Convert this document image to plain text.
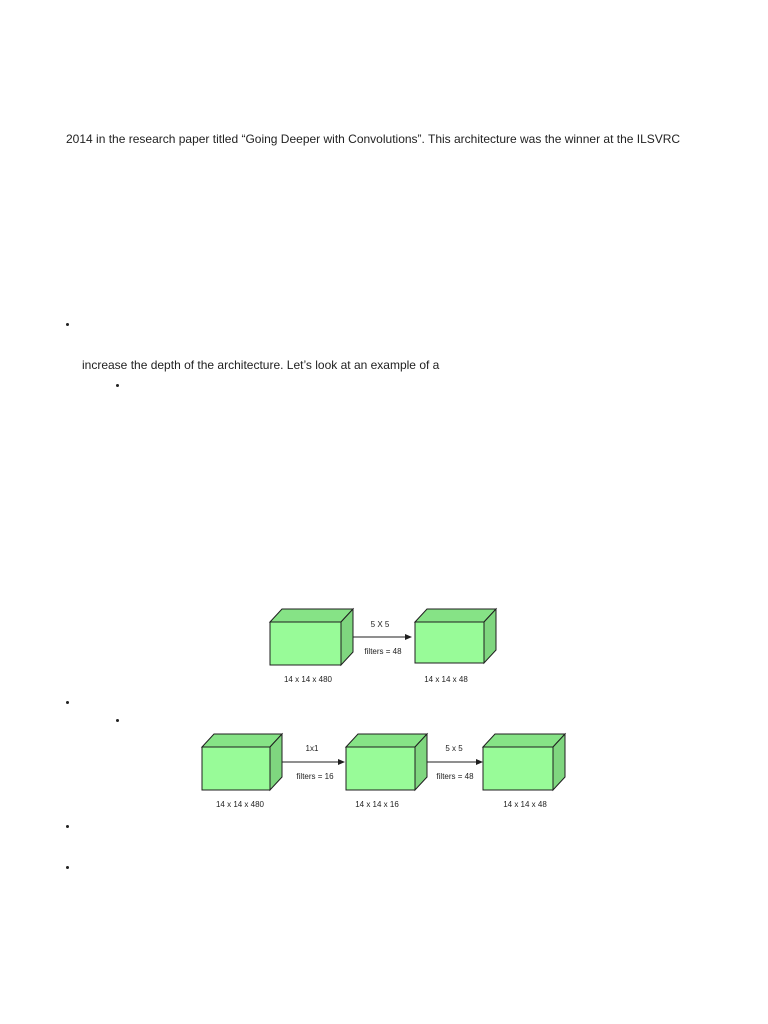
2014 in the research paper titled “Going Deeper with Convolutions”. This architecture was the winner at the ILSVRC
increase the depth of the architecture. Let’s look at an example of a
5 X 5
filters = 48
14 x 14 x 480	14 x 14 x 48
1x1
filters = 16
5 x 5
filters = 48
14 x 14 x 480	14 x 14 x 16	14 x 14 x 48
